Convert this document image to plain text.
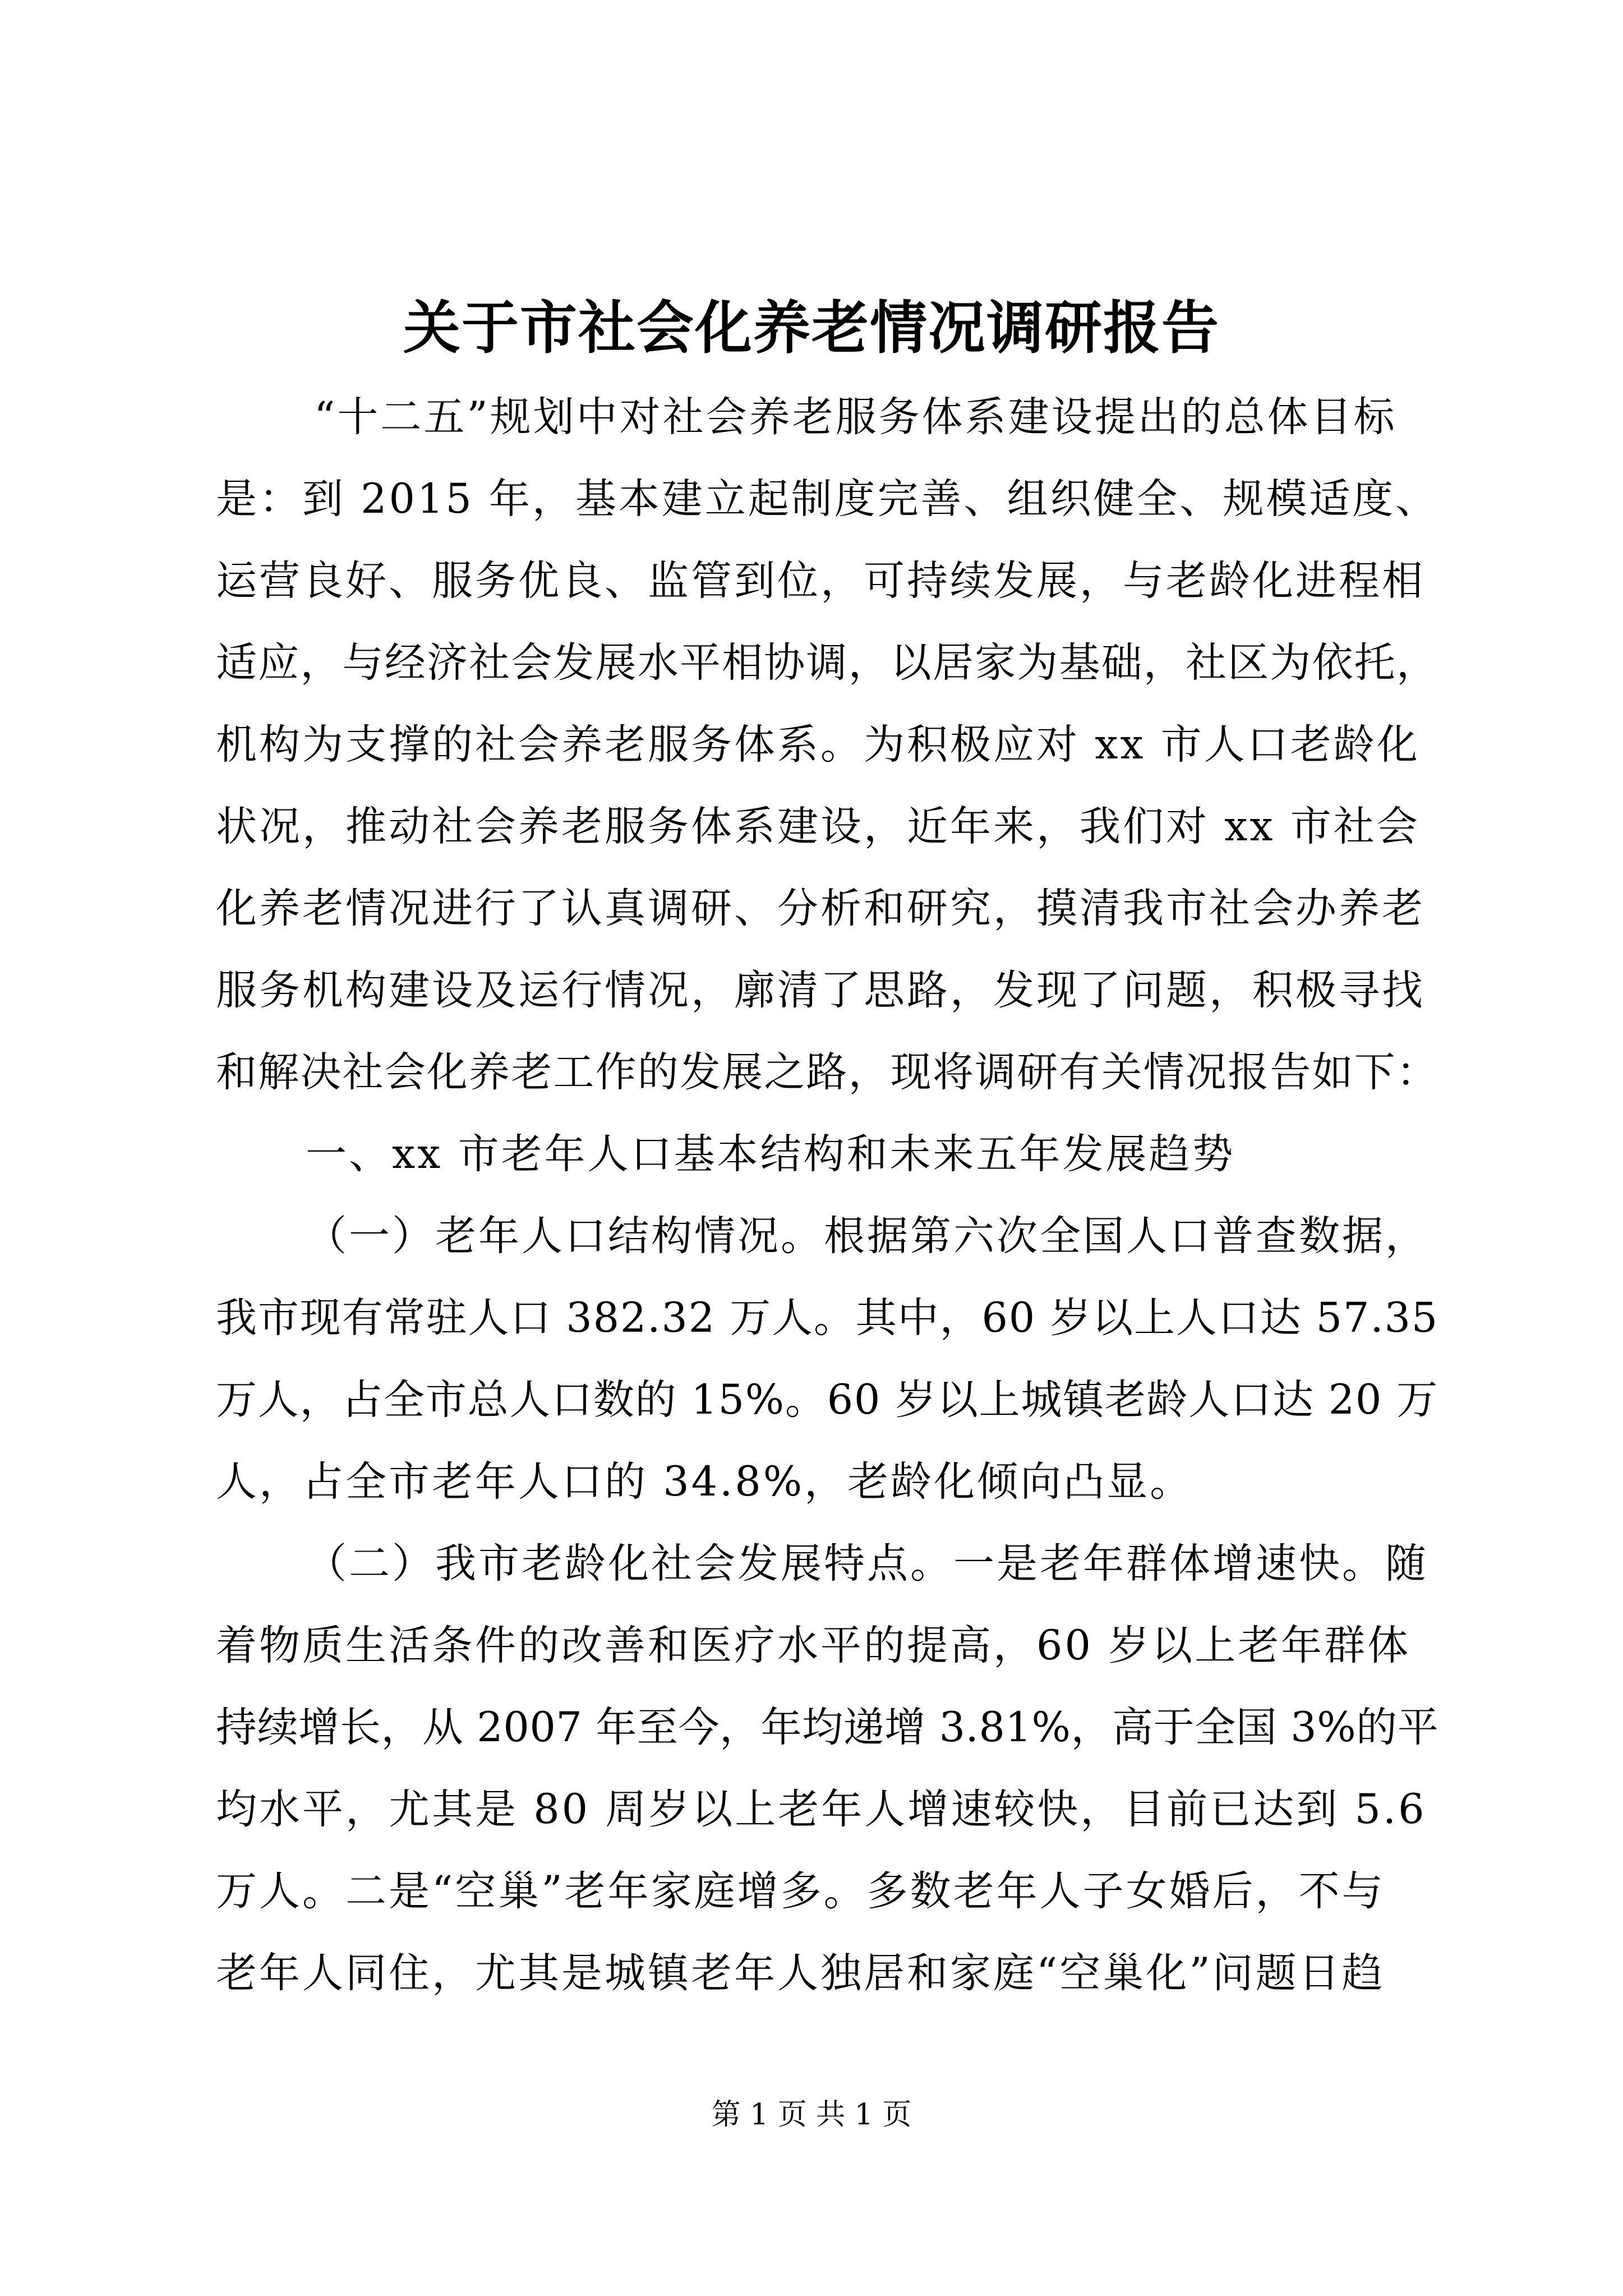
关于市社会化养老情况调研报告
“十二五”规划中对社会养老服务体系建设提出的总体目标
是：到 2015 年，基本建立起制度完善、组织健全、规模适度、
运营良好、服务优良、监管到位，可持续发展，与老龄化进程相
适应，与经济社会发展水平相协调，以居家为基础，社区为依托，
机构为支撑的社会养老服务体系。为积极应对 xx 市人口老龄化
状况，推动社会养老服务体系建设，近年来，我们对 xx 市社会
化养老情况进行了认真调研、分析和研究，摸清我市社会办养老
服务机构建设及运行情况，廓清了思路，发现了问题，积极寻找
和解决社会化养老工作的发展之路，现将调研有关情况报告如下：
一、xx 市老年人口基本结构和未来五年发展趋势
（一）老年人口结构情况。根据第六次全国人口普查数据，
我市现有常驻人口 382.32 万人。其中，60 岁以上人口达 57.35
万人，占全市总人口数的 15%。60 岁以上城镇老龄人口达 20 万
人，占全市老年人口的 34.8%，老龄化倾向凸显。
（二）我市老龄化社会发展特点。一是老年群体增速快。随
着物质生活条件的改善和医疗水平的提高，60 岁以上老年群体
持续增长，从 2007 年至今，年均递增 3.81%，高于全国 3%的平
均水平，尤其是 80 周岁以上老年人增速较快，目前已达到 5.6
万人。二是“空巢”老年家庭增多。多数老年人子女婚后，不与
老年人同住，尤其是城镇老年人独居和家庭“空巢化”问题日趋
第 1 页 共 1 页
